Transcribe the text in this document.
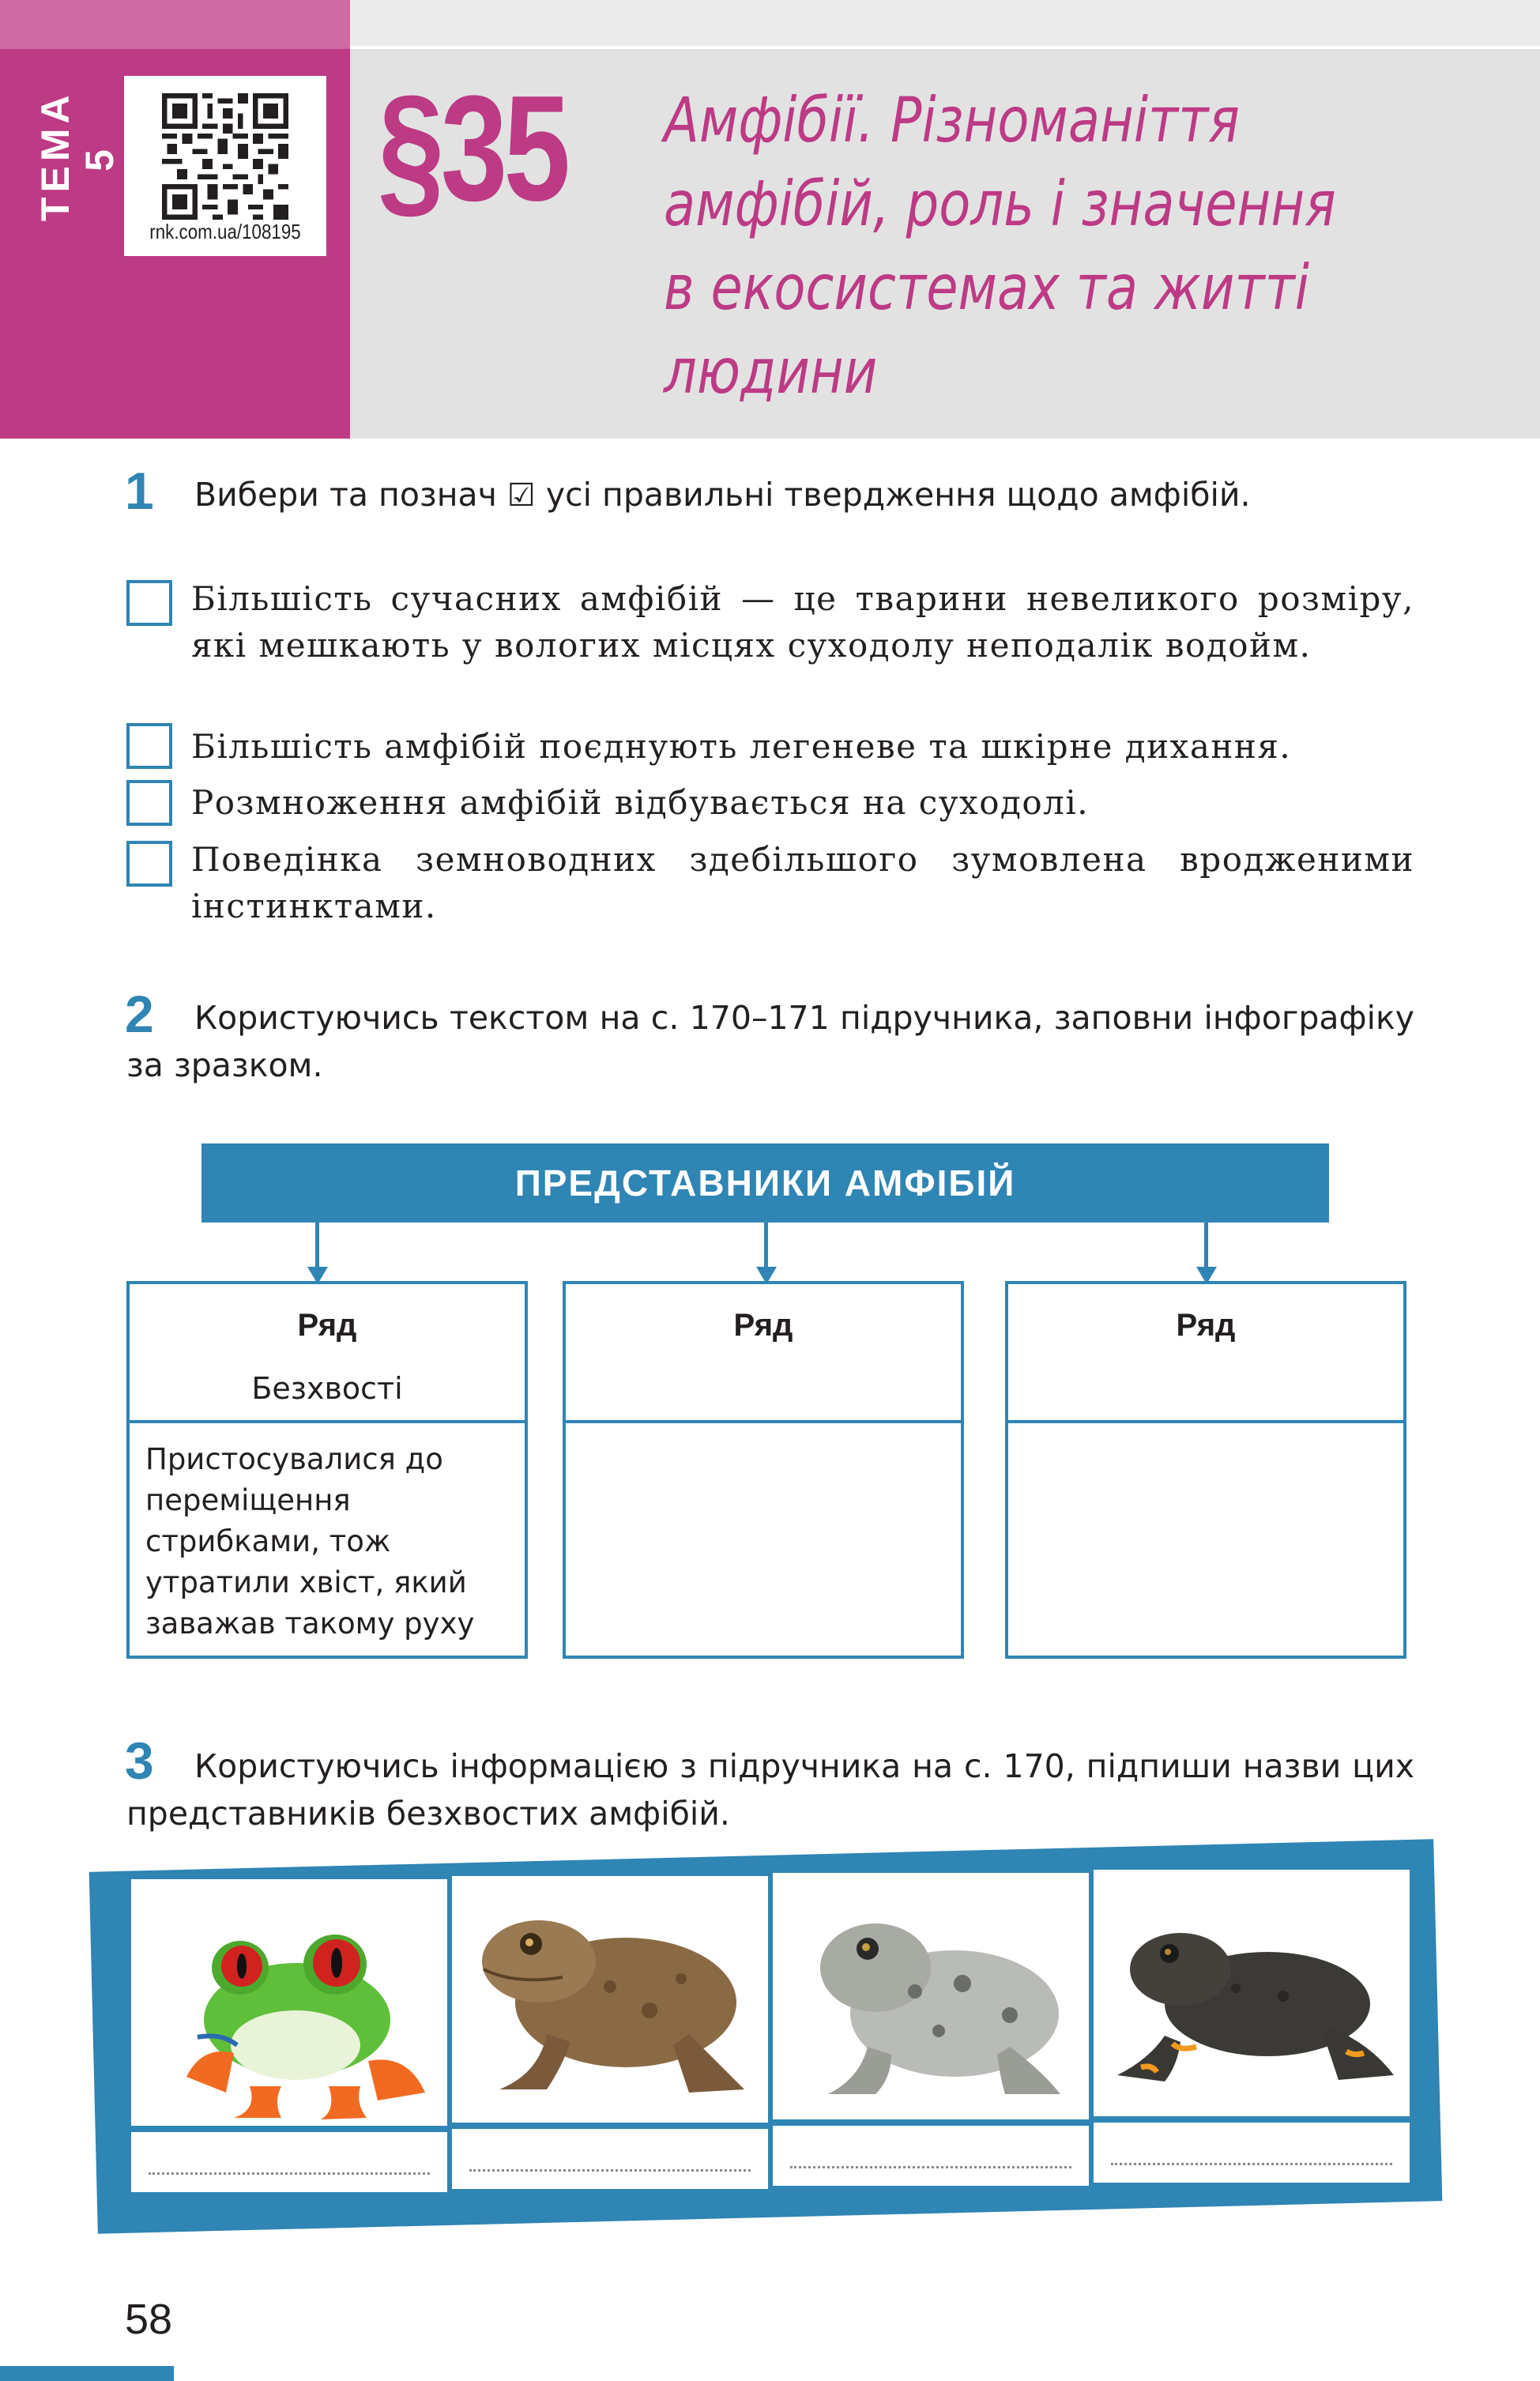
ТЕМА 5
rnk.com.ua/108195 §35 Амфібії. Різноманіття
амфібій, роль і значення
в екосистемах та житті
людини
1 Вибери та познач ☑ усі правильні твердження щодо амфібій.
Більшість сучасних амфібій — це тварини невеликого розміру, які мешкають у вологих місцях суходолу неподалік водойм.
Більшість амфібій поєднують легеневе та шкірне дихання.
Розмноження амфібій відбувається на суходолі.
Поведінка земноводних здебільшого зумовлена вродженими інстинктами.
2	Користуючись текстом на с. 170–171 підручника, заповни інфографіку за зразком.
ПРЕДСТАВНИКИ АМФІБІЙ
Ряд
Безхвості
Пристосувалися до переміщення стрибками, тож утратили хвіст, який заважав такому руху
Ряд	Ряд
3	Користуючись інформацією з підручника на с. 170, підпиши назви цих представників безхвостих амфібій.
58
